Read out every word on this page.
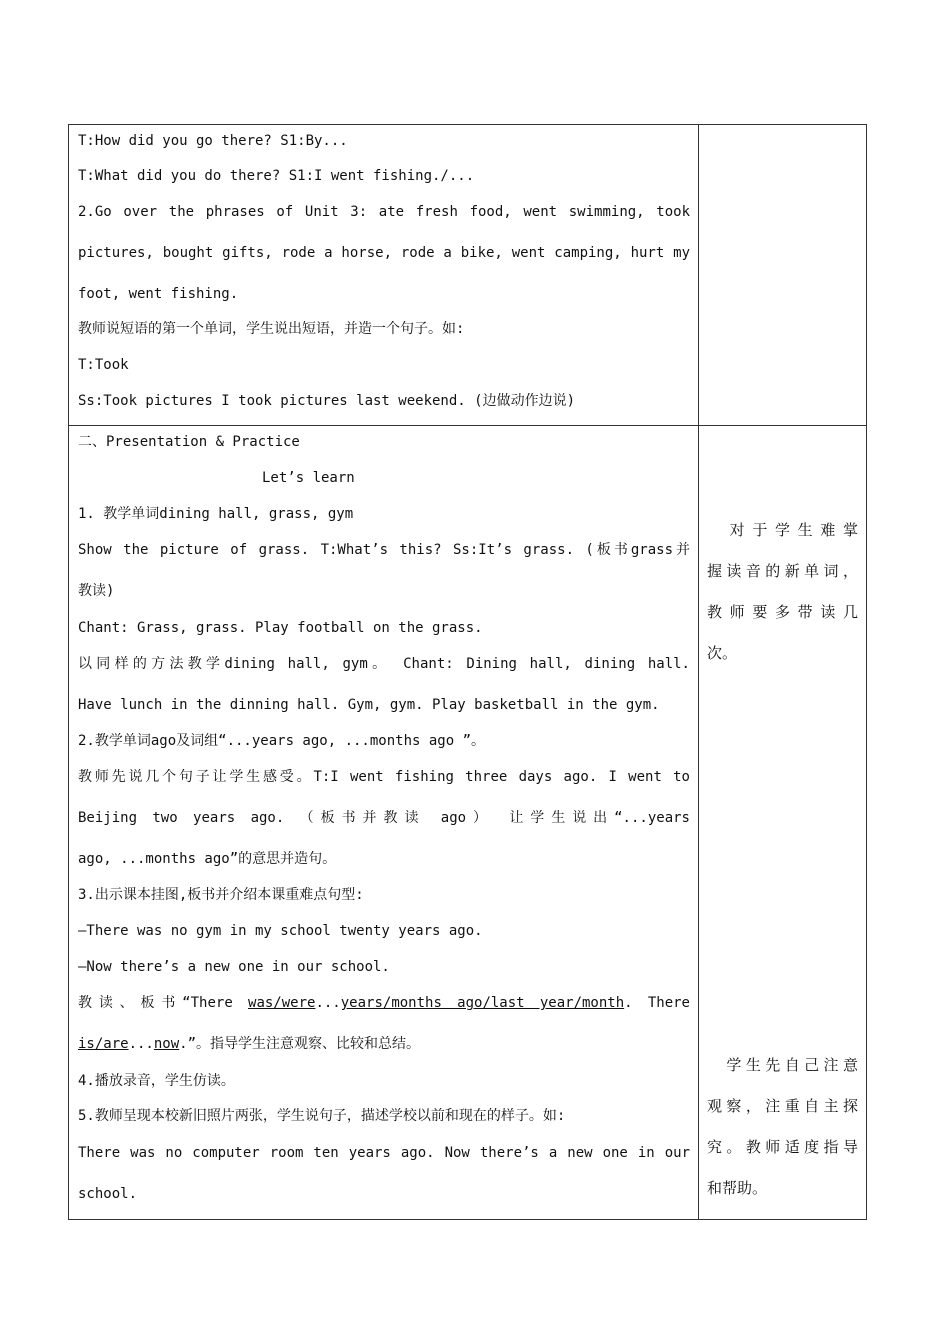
T:How did you go there? S1:By...
T:What did you do there? S1:I went fishing./...
2.Go over the phrases of Unit 3: ate fresh food, went swimming, took
pictures, bought gifts, rode a horse, rode a bike, went camping, hurt my
foot, went fishing.
教师说短语的第一个单词，学生说出短语，并造一个句子。如:
T:Took
Ss:Took pictures I took pictures last weekend. (边做动作边说)
二、Presentation & Practice
Let’s learn
1. 教学单词dining hall, grass, gym
Show the picture of grass. T:What’s this? Ss:It’s grass. (板书grass并
教读)
Chant: Grass, grass. Play football on the grass.
以同样的方法教学dining hall, gym。 Chant: Dining hall, dining hall.
Have lunch in the dinning hall. Gym, gym. Play basketball in the gym.
2.教学单词ago及词组“...years ago, ...months ago ”。
教师先说几个句子让学生感受。T:I went fishing three days ago. I went to
Beijing two years ago. （板书并教读 ago） 让学生说出“...years
ago, ...months ago”的意思并造句。
3.出示课本挂图,板书并介绍本课重难点句型:
—There was no gym in my school twenty years ago.
—Now there’s a new one in our school.
教读、板书“There was/were...years/months ago/last year/month. There
is/are...now.”。指导学生注意观察、比较和总结。
4.播放录音，学生仿读。
5.教师呈现本校新旧照片两张，学生说句子，描述学校以前和现在的样子。如:
There was no computer room ten years ago. Now there’s a new one in our
school.
　对于学生难掌
握读音的新单词，
教师要多带读几
次。
　学生先自己注意
观察，注重自主探
究。教师适度指导
和帮助。
